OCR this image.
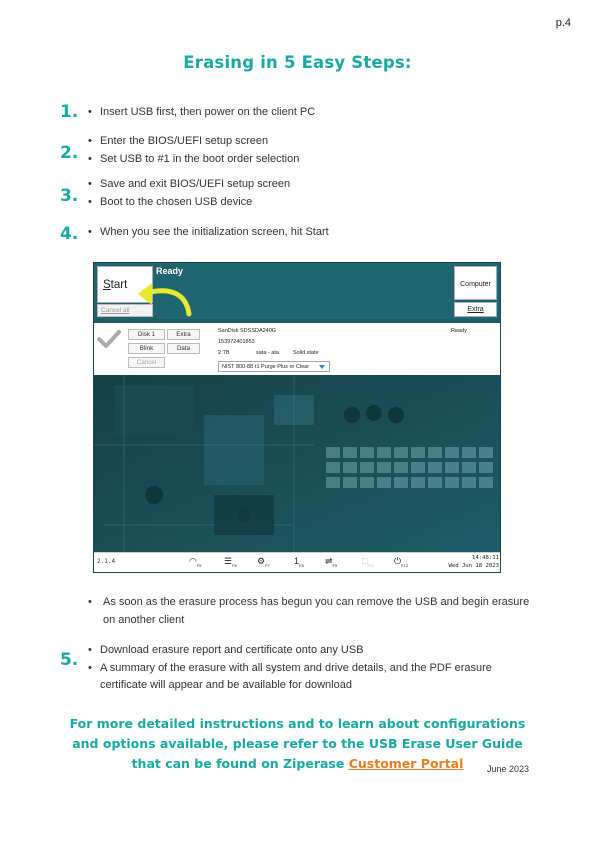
p.4
Erasing in 5 Easy Steps:
1.	• Insert USB first, then power on the client PC
2.
• Enter the BIOS/UEFI setup screen
• Set USB to #1 in the boot order selection
3.
• Save and exit BIOS/UEFI setup screen
• Boot to the chosen USB device
4.	• When you see the initialization screen, hit Start
Start
Cancel all
Ready
Computer
Extra
Disk 1	Extra
Blink	Data
Cancel
SanDisk SDSSDA240G
153972401853
2 TB	sata - ata	Solid state
Ready
NIST 800-88 r1 Purge Plus or Clear
2.1.4	$◠_{F5}$ $☰_{F6}$ $⚙_{F7}$	$1_{F8}$ $\rightleftharpoons_{F9}$	$□_{F11}$ $⏻_{F12}$
14:48:11
Wed Jun 18 2023
• As soon as the erasure process has begun you can remove the USB and begin erasure on another client
5.	• Download erasure report and certificate onto any USB
• A summary of the erasure with all system and drive details, and the PDF erasure certificate will appear and be available for download
For more detailed instructions and to learn about configurations
and options available, please refer to the USB Erase User Guide
that can be found on Ziperase Customer Portal	June 2023
